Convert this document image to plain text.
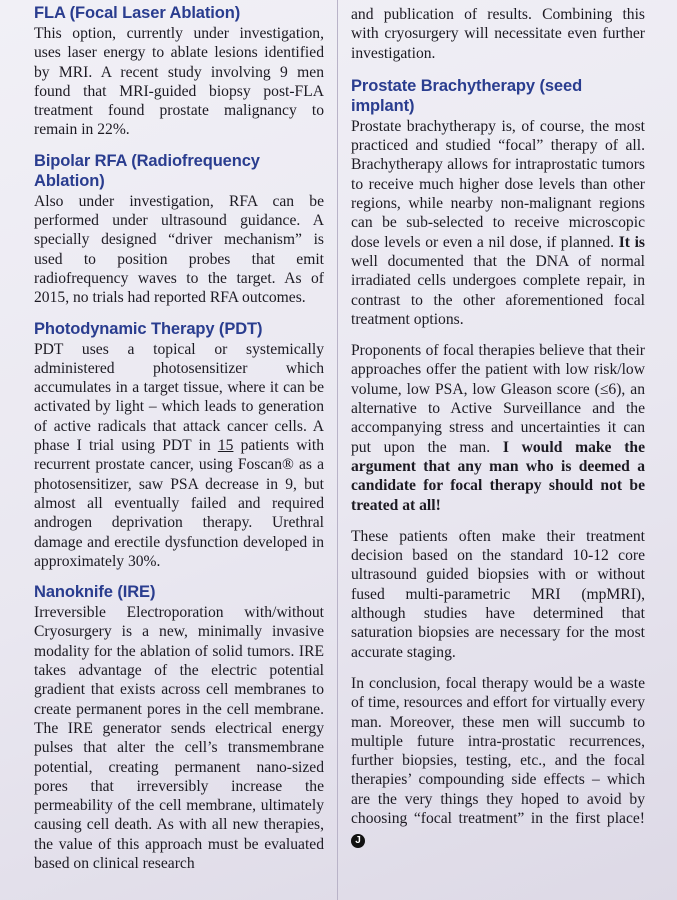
FLA (Focal Laser Ablation)

This option, currently under investigation, uses laser energy to ablate lesions identified by MRI. A recent study involving 9 men found that MRI-guided biopsy post-FLA treatment found prostate malignancy to remain in 22%.

Bipolar RFA (Radiofrequency Ablation)

Also under investigation, RFA can be performed under ultrasound guidance. A specially designed “driver mechanism” is used to position probes that emit radiofrequency waves to the target. As of 2015, no trials had reported RFA outcomes.

Photodynamic Therapy (PDT)

PDT uses a topical or systemically administered photosensitizer which accumulates in a target tissue, where it can be activated by light – which leads to generation of active radicals that attack cancer cells. A phase I trial using PDT in 15 patients with recurrent prostate cancer, using Foscan® as a photosensitizer, saw PSA decrease in 9, but almost all eventually failed and required androgen deprivation therapy. Urethral damage and erectile dysfunction developed in approximately 30%.

Nanoknife (IRE)

Irreversible Electroporation with/without Cryosurgery is a new, minimally invasive modality for the ablation of solid tumors. IRE takes advantage of the electric potential gradient that exists across cell membranes to create permanent pores in the cell membrane. The IRE generator sends electrical energy pulses that alter the cell’s transmembrane potential, creating permanent nano-sized pores that irreversibly increase the permeability of the cell membrane, ultimately causing cell death. As with all new therapies, the value of this approach must be evaluated based on clinical research

and publication of results. Combining this with cryosurgery will necessitate even further investigation.

Prostate Brachytherapy (seed implant)

Prostate brachytherapy is, of course, the most practiced and studied “focal” therapy of all. Brachytherapy allows for intraprostatic tumors to receive much higher dose levels than other regions, while nearby non-malignant regions can be sub-selected to receive microscopic dose levels or even a nil dose, if planned. It is well documented that the DNA of normal irradiated cells undergoes complete repair, in contrast to the other aforementioned focal treatment options.

Proponents of focal therapies believe that their approaches offer the patient with low risk/low volume, low PSA, low Gleason score (≤6), an alternative to Active Surveillance and the accompanying stress and uncertainties it can put upon the man. I would make the argument that any man who is deemed a candidate for focal therapy should not be treated at all!

These patients often make their treatment decision based on the standard 10-12 core ultrasound guided biopsies with or without fused multi-parametric MRI (mpMRI), although studies have determined that saturation biopsies are necessary for the most accurate staging.

In conclusion, focal therapy would be a waste of time, resources and effort for virtually every man. Moreover, these men will succumb to multiple future intra-prostatic recurrences, further biopsies, testing, etc., and the focal therapies’ compounding side effects – which are the very things they hoped to avoid by choosing “focal treatment” in the first place! J
